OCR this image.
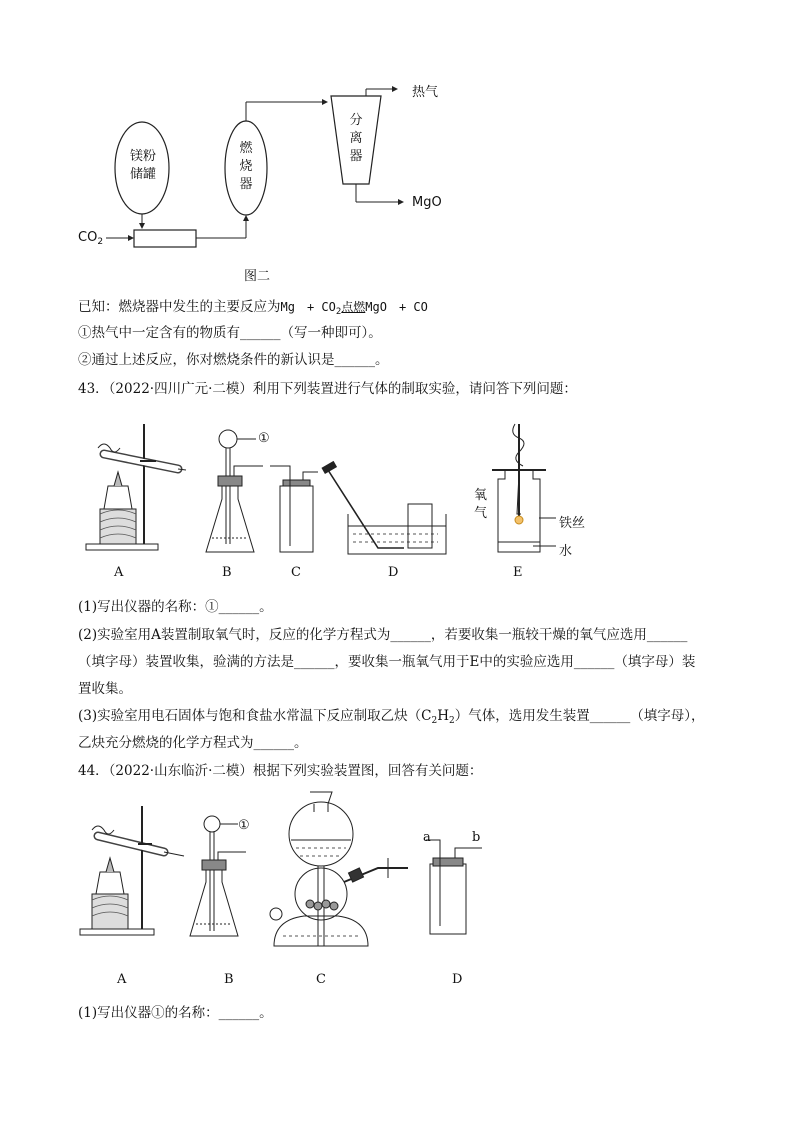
$CO_2$
镁粉
储罐
燃
烧
器
分
离
器
热气
MgO
图二
已知：燃烧器中发生的主要反应为Mg　+ $CO_2$点燃MgO　+ CO
①热气中一定含有的物质有______（写一种即可）。
②通过上述反应，你对燃烧条件的新认识是______。
43．（2022·四川广元·二模）利用下列装置进行气体的制取实验，请问答下列问题：
①
氧
气
铁丝
水
A	B	C	D	E
(1)写出仪器的名称：①______。
(2)实验室用A装置制取氧气时，反应的化学方程式为______，若要收集一瓶较干燥的氧气应选用______
（填字母）装置收集，验满的方法是______，要收集一瓶氧气用于E中的实验应选用______（填字母）装
置收集。
(3)实验室用电石固体与饱和食盐水常温下反应制取乙炔$(C_2H_2)$气体，选用发生装置______（填字母），
乙炔充分燃烧的化学方程式为______。
44．（2022·山东临沂·二模）根据下列实验装置图，回答有关问题：
①
a	b
A	B	C	D
(1)写出仪器①的名称：______。
